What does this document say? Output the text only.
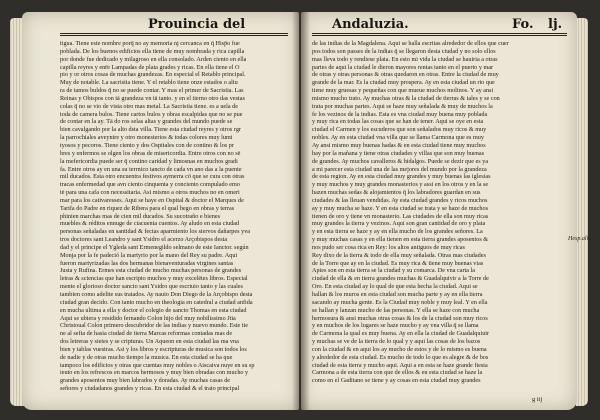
Prouincia del	Andaluzia.	Fo. lj.
tigua. Tiene este nombre porq̄ no ay memoria nj cercanca en q̄ Hisp̄o fue
poblada. De los buenos edificios ella tiene de muy nombrada y rica capilla
por donde fue dedicado y milagroso en ella consolado. Arden ciento en ella
capilla reyres y enr̄e Lampadas de plata grades y ricas. En ella tiene el O
pio y or otros cosas de muchas grandezas. En especial el Retablo principal.
Muy de notable. La sacristia tiene. Y el retablo tiene onze estados o altu
ra de tamos buldos q̄ no se puede contar. Y mas el primer de Sacristia. Las
Reinas y Obispos con tā grandeza vn tā tanto. y en el tierno otro das vestas
colas q̄ no se vio de vista otro mas metal. La Sacristia tiene. es a uela de
toda de camera bulos. Tiene cartos bulos y obras escalpidas que no se pue
de contar en la ay. Tā do ros selas altas y grandes del mundo puede se
bien cavalgando por la alto dsta villa. Tiene esta ciudad reyres y otros rgr
la parrochiales aveyntre y otro monesterios & todas colores muy lumi
tyosos y pecoros. Tiene ciento y dos Ospitales con de contino & los pr
bres y enfermos se olgen los obras de misericordia. Entre otros con no sē
la mefericordia puede ser q̄ contino caridad y limosnas en muchos gradi
fa. Entre otros ay en una su terrnico tancto de cada vn ano das a la puente
mil ducados. Esta otro encuentra festivos aymerra cō que se cura con otras
tracas enfermedad que avn ciento cinquenta y conciento compulado emo
tē para una cafa con necessitaria. Asi mismo a otros muchos no en omeri
mar para los cativaresses. Aqui se haye en Ospital & doctor el Marques de
Tarifa do Padre en riquez de Ribera para el qual bego en obras y terras
phinien marchas mas de cien mil ducados. Su sucotraño e bienes
muebles & réditos ennuge de ciacuenta cuentos. Ay aludo en esta ciudad
personas señaladas en santidad & fectas aparmiento los siervos dañarpes yva
tros doctores sant Leandro y sant Ysidro el acerzo Arçobispos desta
dad y el principe el Ygleda sant Ermenegildo selmano de este Ianctor. según
Monja por la fe padeció la martyrio por la mano del Rey su padre. Aqui
fueron martyrizadas las dos hermanas bienaventuradas virgines santas
Justa y Rufina. Ermes esta ciudad de mucho muchas personas de grandes
letras & sciencias que han escripto muchos y muy excelētes libros. Especial
mente el glorioso doctor sancto sant Ysidro que escriuio tanto y las cuales
tambien como adelite sus tratados. Ay nauio Don Diego de la Arçobispo desta
ciudad gran decido. Con tanto mucho en theologia en catedral a ciudad anfida
en mucha ultima a ella y doctor el colegio de sancto Thomas en esta ciudad
Aqui se ubiera y residido fernando Colon hijo del muy nobilissimo Jtia
Christoual Colon primero descubridor de las indias y nuevo mundo. Este tie
ne al sefta de hasia ciudad de tierra Marcas reformas contadas mas de
dos letreras y sietes y se cripturas. Un Aqueon en esta ciudad las ma vna
bien y tablas vuestras. Asi y los libros y escripturas de musica son todos los
de nadie y de otras mucho tiempo la musica. En esta ciudad se ha que
tampoco los edificios y otras que cuentas muy nobles o Aiscaiva nuye en su sp
ieuto en los refrescos en marcos hermosos y muy bien obradas con mucho y
grandes aposentos muy bien labrados y doradas. Ay muchas casas de
señores y ciudadanos grandes y ricas. En esta ciudad & el trato principal
de las indias de la Magdalena. Aqui se halla escritas alrededor de ellos que cuer
pos todos son passes de la indias q̄ se llegaron desta ciudad y no solo ellos
mas lleva todo y rendiese plata. En esto mi vida la ciudad se hauiria a otras
partes de aqui la ciudad le dieron mayores rentas tanto en el puerto y mar
de otras y otras personas & otras quedaron en otras. Entre la ciudad de muy
grande de la mar. Es la ciudad muy prospera. Ay en esta ciudad un rio que
tiene muy gruesas y pequeñas con que mueue muchos molinos. Y ay ansi
mismo mucho trato. Ay muchas otras & la ciudad de tierras & tales y se con
trata por muchas partes. Aqui se haze muy señalada & muy de muchos la
fe los vezinos de la indias. Esta es vna ciudad muy buena muy poblada
y muy rica en todas las cosas que se han de tener. Aqui se oye en esta
ciudad el Carmen y los escuderos que son señalados muy ricos & muy
nobles. Ay en esta ciudad vna villa que se llama Carmona que es muy
Ay ansi mismo muy buenas hadas & en esta ciudad tiene muy muchos
hay por la mañana y tiene otras ciudades y villas que son muy buenas
de grandes. Ay muchos cavalleros & hidalgos. Puede se dezir que es ya
a mi parecer esta ciudad una de las mejores del mundo por la grandeza
de esta region. Ay en esta ciudad muy grandes y muy buenas las iglesias
y muy muchos y muy grandes monasterios y assi en los otros y en la se
hazen muchas sedas & alojamientos q̄ los labradores guardan en sus
ciudades & las lleuan vendidas. Ay esta ciudad grandes y ricos muchos
ay y muy mucha se haze. Y en esta ciudad se trata y se haze de muchos
tienen de oro y tiene vn monasterio. Las ciudades de ella son muy ricas
muy grandes la tierra y vezinos. Aqui son gran cantidad de oro y plata
y en esta tierra se haze y ay en ella mucho de los grandes señores. La
y muy muchas casas y en ella tienen en esta tierra grandes aposentos &
nos pudo ser cosa rica en Rey: los altos antiguos de muy ricas
Rey dixo de la tierra & todo de ella muy señalada. Otras mas ciudades
de la Torre que ay en la ciudad. Es muy rica & tiene muy buenas vias
Apies son en esta tierra se la ciudad y su comarca. De vna carta la
ciudad de ella & en tierra grandes muchas & Guadalquivir a la Torre de
Oro. En esta ciudad ay lo qual de que esta hecha la ciudad. Aqui se
hallan & los muros en esta ciudad son mucha parte y ay en ella tierra
sacando ay mucha gente. Es la Ciudad muy noble y muy leal. Y en ella
se hallan y lanzan mucho de las personas. Y ella se haze con mucha
hermosura & ansi muchas otras cosas & los de la ciudad son muy ricos
y en muchos de los lugares se haze mucho y ay vna villa q̄ se llama
de Carmona la qual es muy buena. Ay en ella la ciudad de Guadalquiuir
y muchas se ve de la tierra de lo qual y y aqui las cosas de los bazos
con la ciudad & en aqui los ay mucho de estos y de lo mismo es buena
y alrededor de esta ciudad. Es mucho de todo lo que es alegre & de bos
ciudad de esta tierra y mucho aqui. Aqui a en esta se haze grande fiesta
Carmona a de esta tierra con que de ellos & en esta ciudad se haze la
como en el Gaditano se tiene y ay cosas en esta ciudad muy grandes
Hesp.alis.
g iij
